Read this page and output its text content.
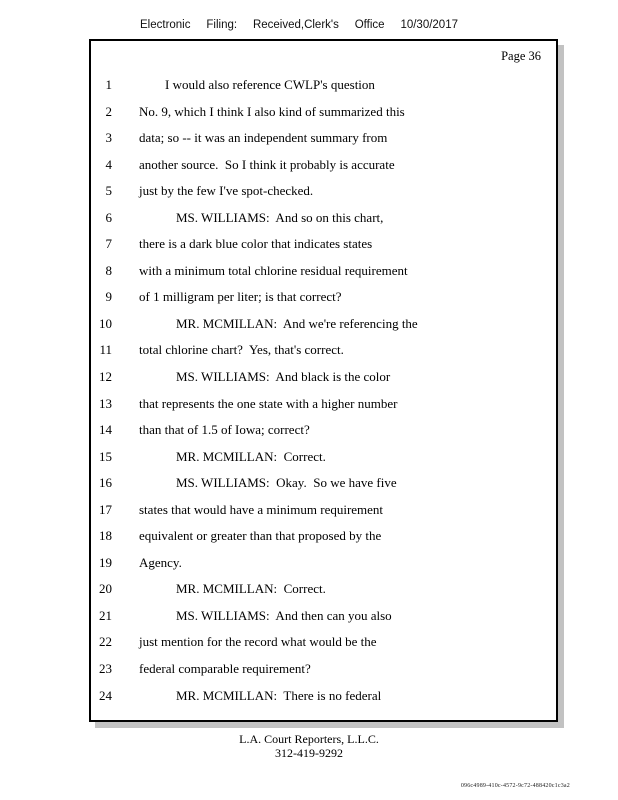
Electronic Filing: Received,Clerk's Office 10/30/2017
Page 36
1	I would also reference CWLP's question
2 No. 9, which I think I also kind of summarized this
3 data; so -- it was an independent summary from
4 another source.  So I think it probably is accurate
5 just by the few I've spot-checked.
6	MS. WILLIAMS:  And so on this chart,
7 there is a dark blue color that indicates states
8 with a minimum total chlorine residual requirement
9 of 1 milligram per liter; is that correct?
10	MR. MCMILLAN:  And we're referencing the
11 total chlorine chart?  Yes, that's correct.
12	MS. WILLIAMS:  And black is the color
13 that represents the one state with a higher number
14 than that of 1.5 of Iowa; correct?
15	MR. MCMILLAN:  Correct.
16	MS. WILLIAMS:  Okay.  So we have five
17 states that would have a minimum requirement
18 equivalent or greater than that proposed by the
19 Agency.
20	MR. MCMILLAN:  Correct.
21	MS. WILLIAMS:  And then can you also
22 just mention for the record what would be the
23 federal comparable requirement?
24	MR. MCMILLAN:  There is no federal
L.A. Court Reporters, L.L.C.
312-419-9292
096c4989-410c-4572-9c72-488420c1c3a2
